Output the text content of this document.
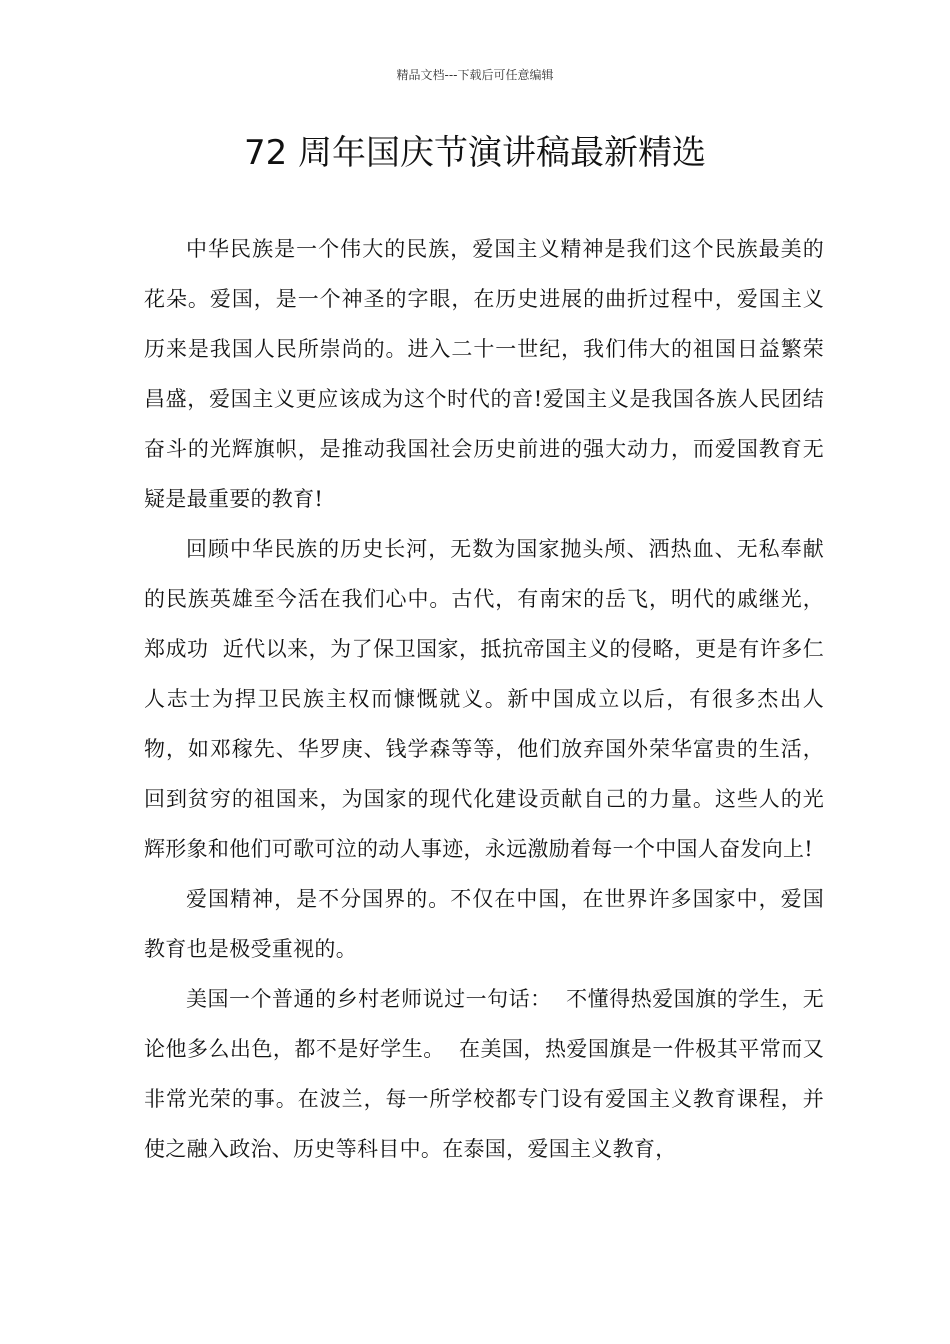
精品文档---下载后可任意编辑
72 周年国庆节演讲稿最新精选

中华民族是一个伟大的民族，爱国主义精神是我们这个民族最美的花朵。爱国，是一个神圣的字眼，在历史进展的曲折过程中，爱国主义历来是我国人民所崇尚的。进入二十一世纪，我们伟大的祖国日益繁荣昌盛，爱国主义更应该成为这个时代的音!爱国主义是我国各族人民团结奋斗的光辉旗帜，是推动我国社会历史前进的强大动力，而爱国教育无疑是最重要的教育!

回顾中华民族的历史长河，无数为国家抛头颅、洒热血、无私奉献的民族英雄至今活在我们心中。古代，有南宋的岳飞，明代的戚继光，郑成功  近代以来，为了保卫国家，抵抗帝国主义的侵略，更是有许多仁人志士为捍卫民族主权而慷慨就义。新中国成立以后，有很多杰出人物，如邓稼先、华罗庚、钱学森等等，他们放弃国外荣华富贵的生活，回到贫穷的祖国来，为国家的现代化建设贡献自己的力量。这些人的光辉形象和他们可歌可泣的动人事迹，永远激励着每一个中国人奋发向上!

爱国精神，是不分国界的。不仅在中国，在世界许多国家中，爱国教育也是极受重视的。

美国一个普通的乡村老师说过一句话：  不懂得热爱国旗的学生，无论他多么出色，都不是好学生。  在美国，热爱国旗是一件极其平常而又非常光荣的事。在波兰，每一所学校都专门设有爱国主义教育课程，并使之融入政治、历史等科目中。在泰国，爱国主义教育，
